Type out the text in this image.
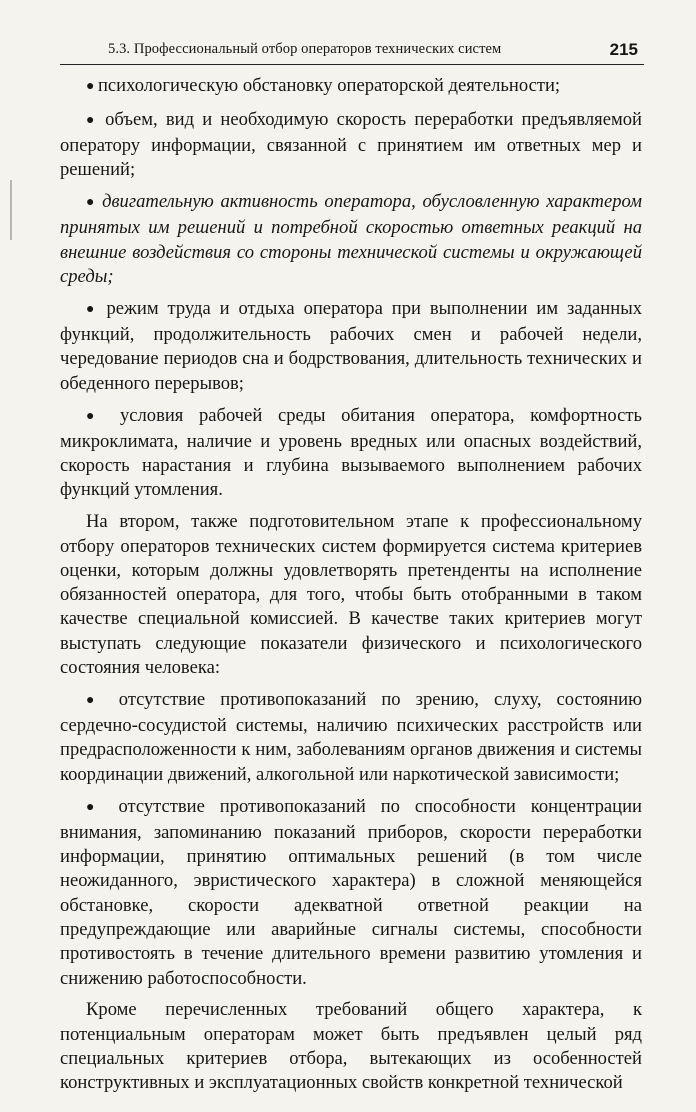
5.3. Профессиональный отбор операторов технических систем	215

● психологическую обстановку операторской деятельности;

● объем, вид и необходимую скорость переработки предъявляемой оператору информации, связанной с принятием им ответных мер и решений;

● двигательную активность оператора, обусловленную характером принятых им решений и потребной скоростью ответных реакций на внешние воздействия со стороны технической системы и окружающей среды;

● режим труда и отдыха оператора при выполнении им заданных функций, продолжительность рабочих смен и рабочей недели, чередование периодов сна и бодрствования, длительность технических и обеденного перерывов;

● условия рабочей среды обитания оператора, комфортность микроклимата, наличие и уровень вредных или опасных воздействий, скорость нарастания и глубина вызываемого выполнением рабочих функций утомления.

На втором, также подготовительном этапе к профессиональному отбору операторов технических систем формируется система критериев оценки, которым должны удовлетворять претенденты на исполнение обязанностей оператора, для того, чтобы быть отобранными в таком качестве специальной комиссией. В качестве таких критериев могут выступать следующие показатели физического и психологического состояния человека:

● отсутствие противопоказаний по зрению, слуху, состоянию сердечно-сосудистой системы, наличию психических расстройств или предрасположенности к ним, заболеваниям органов движения и системы координации движений, алкогольной или наркотической зависимости;

● отсутствие противопоказаний по способности концентрации внимания, запоминанию показаний приборов, скорости переработки информации, принятию оптимальных решений (в том числе неожиданного, эвристического характера) в сложной меняющейся обстановке, скорости адекватной ответной реакции на предупреждающие или аварийные сигналы системы, способности противостоять в течение длительного времени развитию утомления и снижению работоспособности.

Кроме перечисленных требований общего характера, к потенциальным операторам может быть предъявлен целый ряд специальных критериев отбора, вытекающих из особенностей конструктивных и эксплуатационных свойств конкретной технической
